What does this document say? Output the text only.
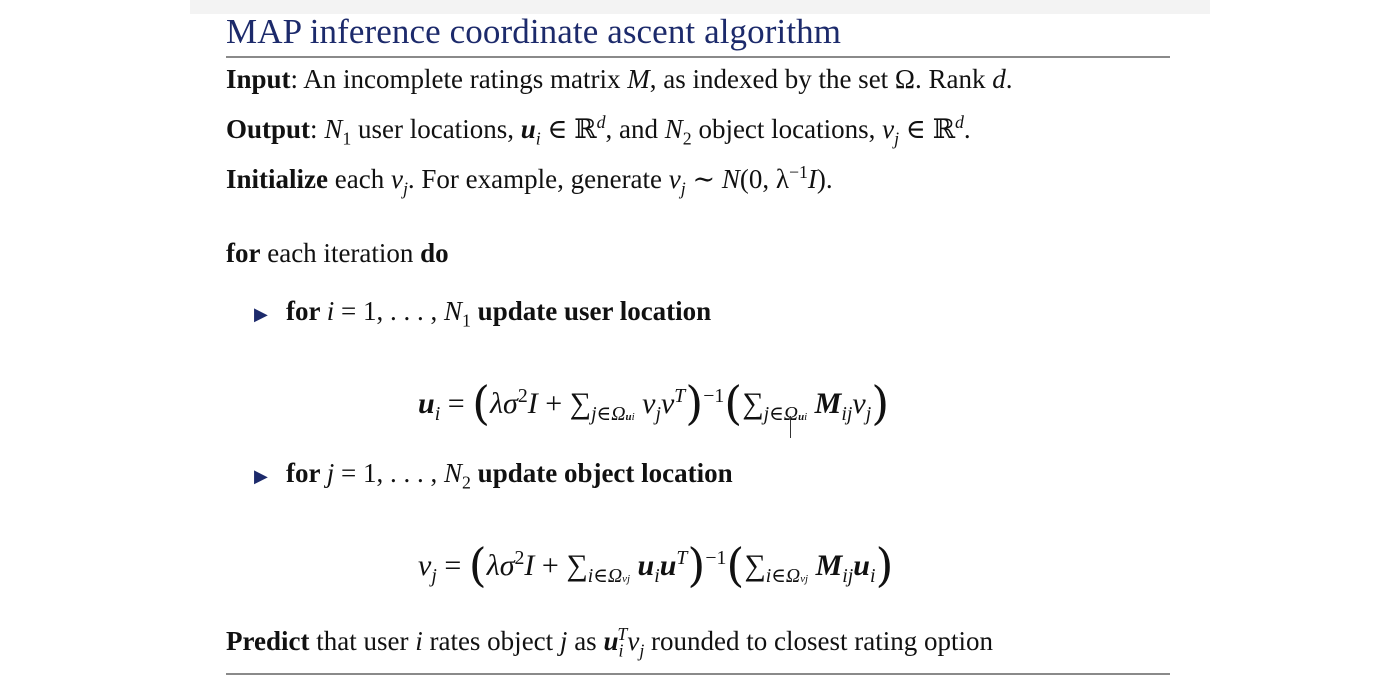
MAP inference coordinate ascent algorithm
Input: An incomplete ratings matrix M, as indexed by the set Ω. Rank d.
Output: $N_1$ user locations, $u_i$ ∈ ℝ$^d$, and $N_2$ object locations, $v_j$ ∈ ℝ$^d$.
Initialize each $v_j$. For example, generate $v_j$ ∼ N(0, $\lambda^{-1}I$).
for each iteration do
▶ for i = 1, . . . , $N_1$ update user location
$u_i = (\lambda\sigma^2I + \sum_{j\in\Omega ui}$ $v_jv^T)^{-1}(\sum_{j\in\Omega ui}$ $M_{ij}v_j$)
▶ for j = 1, . . . , $N_2$ update object location
$v_j = (\lambda\sigma^2I + \sum_{i\in\Omega vj}$ $u_iu^T)^{-1}(\sum_{i\in\Omega vj}$ $M_{ij}u_i$)
Predict that user i rates object j as $u_i^Tv_j$ rounded to closest rating option
